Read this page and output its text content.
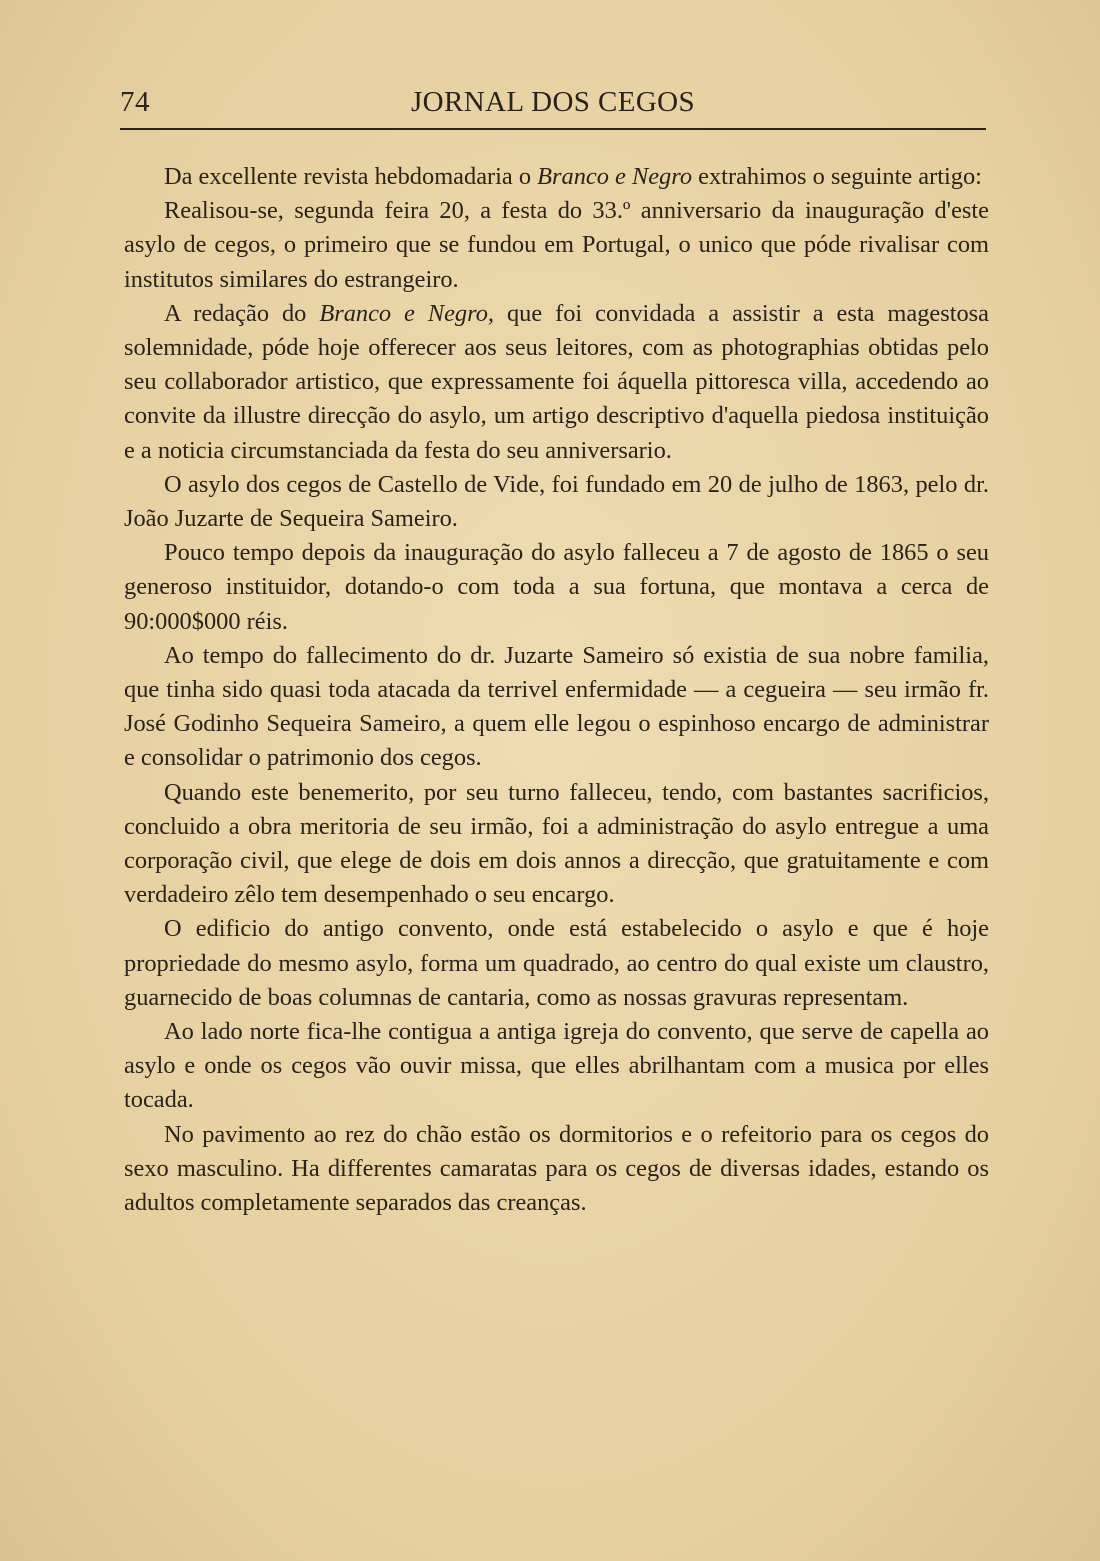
74	JORNAL DOS CEGOS

Da excellente revista hebdomadaria o Branco e Negro extrahimos o seguinte artigo:

Realisou-se, segunda feira 20, a festa do 33.º anniversario da inauguração d'este asylo de cegos, o primeiro que se fundou em Portugal, o unico que póde rivalisar com institutos similares do estrangeiro.

A redação do Branco e Negro, que foi convidada a assistir a esta magestosa solemnidade, póde hoje offerecer aos seus leitores, com as photographias obtidas pelo seu collaborador artistico, que expressamente foi áquella pittoresca villa, accedendo ao convite da illustre direcção do asylo, um artigo descriptivo d'aquella piedosa instituição e a noticia circumstanciada da festa do seu anniversario.

O asylo dos cegos de Castello de Vide, foi fundado em 20 de julho de 1863, pelo dr. João Juzarte de Sequeira Sameiro.

Pouco tempo depois da inauguração do asylo falleceu a 7 de agosto de 1865 o seu generoso instituidor, dotando-o com toda a sua fortuna, que montava a cerca de 90:000$000 réis.

Ao tempo do fallecimento do dr. Juzarte Sameiro só existia de sua nobre familia, que tinha sido quasi toda atacada da terrivel enfermidade — a cegueira — seu irmão fr. José Godinho Sequeira Sameiro, a quem elle legou o espinhoso encargo de administrar e consolidar o patrimonio dos cegos.

Quando este benemerito, por seu turno falleceu, tendo, com bastantes sacrificios, concluido a obra meritoria de seu irmão, foi a administração do asylo entregue a uma corporação civil, que elege de dois em dois annos a direcção, que gratuitamente e com verdadeiro zêlo tem desempenhado o seu encargo.

O edificio do antigo convento, onde está estabelecido o asylo e que é hoje propriedade do mesmo asylo, forma um quadrado, ao centro do qual existe um claustro, guarnecido de boas columnas de cantaria, como as nossas gravuras representam.

Ao lado norte fica-lhe contigua a antiga igreja do convento, que serve de capella ao asylo e onde os cegos vão ouvir missa, que elles abrilhantam com a musica por elles tocada.

No pavimento ao rez do chão estão os dormitorios e o refeitorio para os cegos do sexo masculino. Ha differentes camaratas para os cegos de diversas idades, estando os adultos completamente separados das creanças.
